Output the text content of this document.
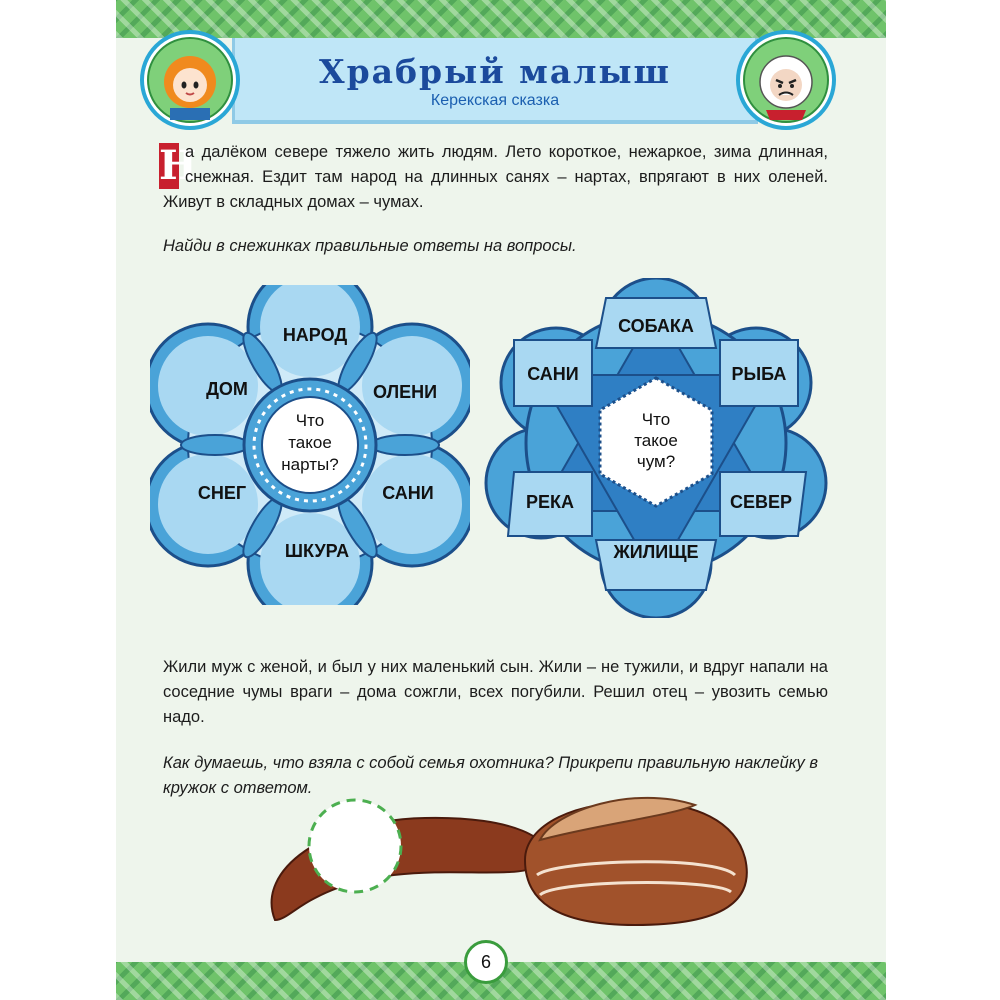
Храбрый малыш
Керекская сказка
Н
а далёком севере тяжело жить людям. Лето короткое, нежаркое, зима длинная, снежная. Ездит там народ на длинных санях – нартах, впрягают в них оленей. Живут в складных домах – чумах.
Найди в снежинках правильные ответы на вопросы.
Что
такое
нарты?
НАРОД
ОЛЕНИ
САНИ
ШКУРА
СНЕГ
ДОМ
Что
такое
чум?
СОБАКА
РЫБА
СЕВЕР
ЖИЛИЩЕ
РЕКА
САНИ
Жили муж с женой, и был у них маленький сын. Жили – не тужили, и вдруг напали на соседние чумы враги – дома сожгли, всех погубили. Решил отец – увозить семью надо.
Как думаешь, что взяла с собой семья охотника? Прикрепи правильную наклейку в кружок с ответом.
6
